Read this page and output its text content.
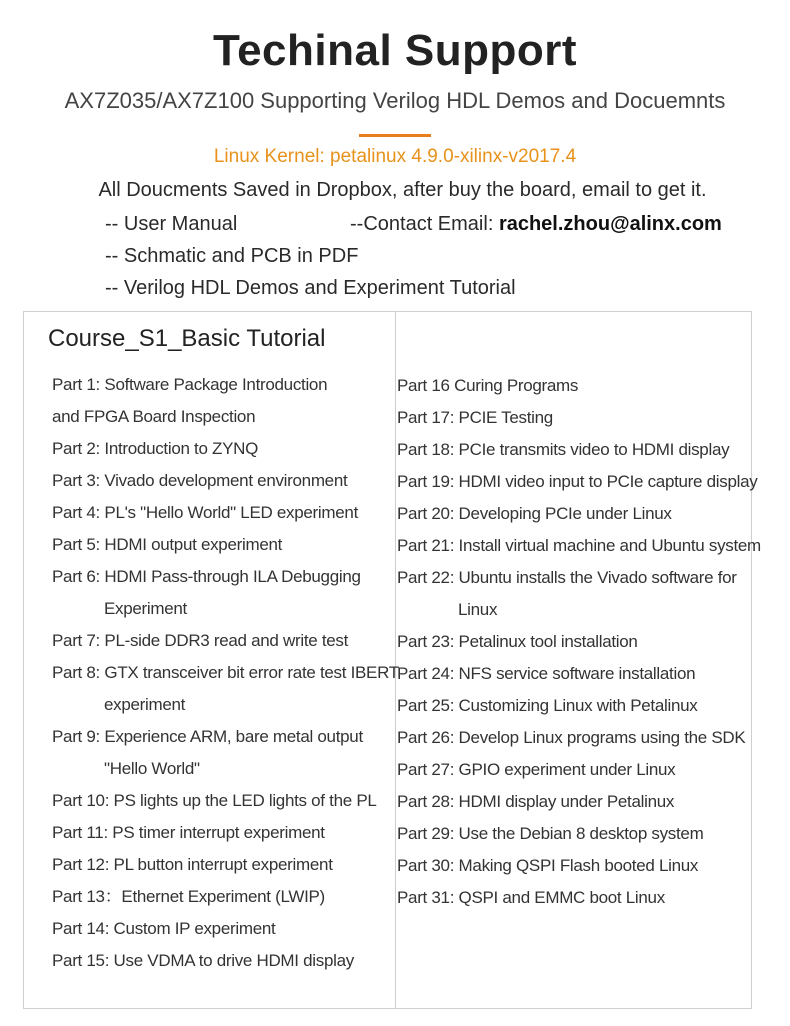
Techinal Support
AX7Z035/AX7Z100 Supporting Verilog HDL Demos and Docuemnts
Linux Kernel: petalinux 4.9.0-xilinx-v2017.4
All Doucments Saved in Dropbox, after buy the board, email to get it.
-- User Manual
-- Schmatic and PCB in PDF
-- Verilog HDL Demos and Experiment Tutorial
--Contact Email: rachel.zhou@alinx.com
Course_S1_Basic Tutorial
Part 1: Software Package Introduction
and FPGA Board Inspection
Part 2: Introduction to ZYNQ
Part 3: Vivado development environment
Part 4: PL's "Hello World" LED experiment
Part 5: HDMI output experiment
Part 6: HDMI Pass-through ILA Debugging
Experiment
Part 7: PL-side DDR3 read and write test
Part 8: GTX transceiver bit error rate test IBERT
experiment
Part 9: Experience ARM, bare metal output
"Hello World"
Part 10: PS lights up the LED lights of the PL
Part 11: PS timer interrupt experiment
Part 12: PL button interrupt experiment
Part 13：Ethernet Experiment (LWIP)
Part 14: Custom IP experiment
Part 15: Use VDMA to drive HDMI display
Part 16 Curing Programs
Part 17: PCIE Testing
Part 18: PCIe transmits video to HDMI display
Part 19: HDMI video input to PCIe capture display
Part 20: Developing PCIe under Linux
Part 21: Install virtual machine and Ubuntu system
Part 22: Ubuntu installs the Vivado software for
Linux
Part 23: Petalinux tool installation
Part 24: NFS service software installation
Part 25: Customizing Linux with Petalinux
Part 26: Develop Linux programs using the SDK
Part 27: GPIO experiment under Linux
Part 28: HDMI display under Petalinux
Part 29: Use the Debian 8 desktop system
Part 30: Making QSPI Flash booted Linux
Part 31: QSPI and EMMC boot Linux
